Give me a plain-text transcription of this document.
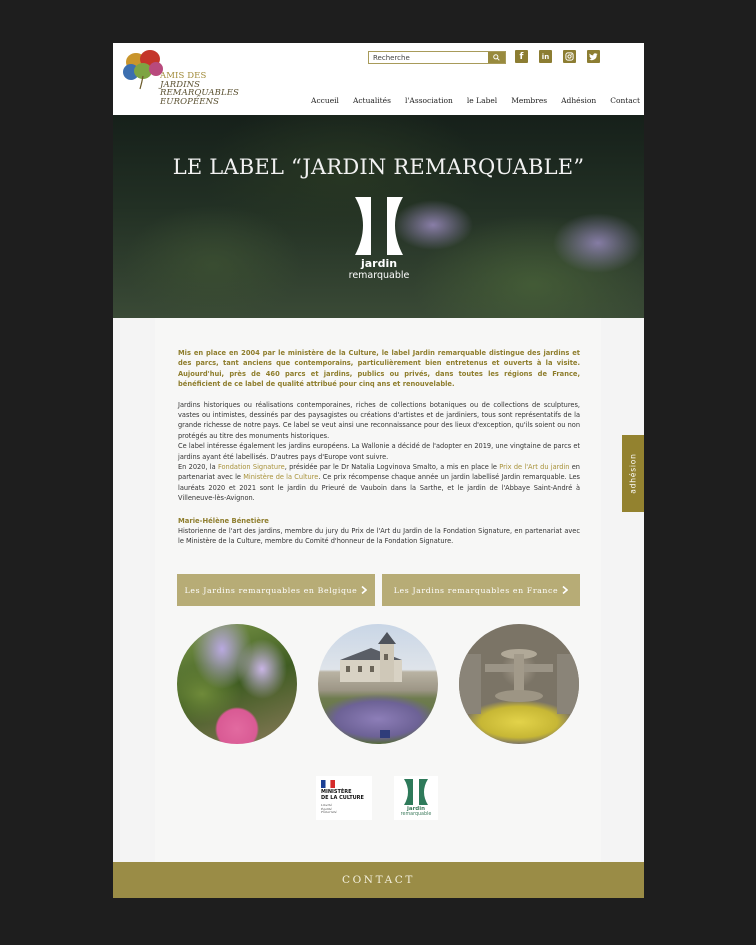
AMIS DES
JARDINS
REMARQUABLES
EUROPÉENS
Recherche
f	in
Accueil Actualités l'Association le Label Membres Adhésion Contact
LE LABEL “JARDIN REMARQUABLE”
jardin
remarquable

Mis en place en 2004 par le ministère de la Culture, le label Jardin remarquable distingue des jardins et des parcs, tant anciens que contemporains, particulièrement bien entretenus et ouverts à la visite. Aujourd'hui, près de 460 parcs et jardins, publics ou privés, dans toutes les régions de France, bénéficient de ce label de qualité attribué pour cinq ans et renouvelable.

Jardins historiques ou réalisations contemporaines, riches de collections botaniques ou de collections de sculptures, vastes ou intimistes, dessinés par des paysagistes ou créations d'artistes et de jardiniers, tous sont représentatifs de la grande richesse de notre pays. Ce label se veut ainsi une reconnaissance pour des lieux d'exception, qu'ils soient ou non protégés au titre des monuments historiques.
Ce label intéresse également les jardins européens. La Wallonie a décidé de l'adopter en 2019, une vingtaine de parcs et jardins ayant été labellisés. D'autres pays d'Europe vont suivre.
En 2020, la Fondation Signature, présidée par le Dr Natalia Logvinova Smalto, a mis en place le Prix de l'Art du jardin en partenariat avec le Ministère de la Culture. Ce prix récompense chaque année un jardin labellisé Jardin remarquable. Les lauréats 2020 et 2021 sont le jardin du Prieuré de Vauboin dans la Sarthe, et le jardin de l'Abbaye Saint-André à Villeneuve-lès-Avignon.

Marie-Hélène Bénetière

Historienne de l'art des jardins, membre du jury du Prix de l'Art du Jardin de la Fondation Signature, en partenariat avec le Ministère de la Culture, membre du Comité d'honneur de la Fondation Signature.

Les Jardins remarquables en Belgique	Les Jardins remarquables en France
MINISTÈRE
DE LA CULTURE
Liberté
Égalité
Fraternité	jardin
remarquable
CONTACT
adhésion
